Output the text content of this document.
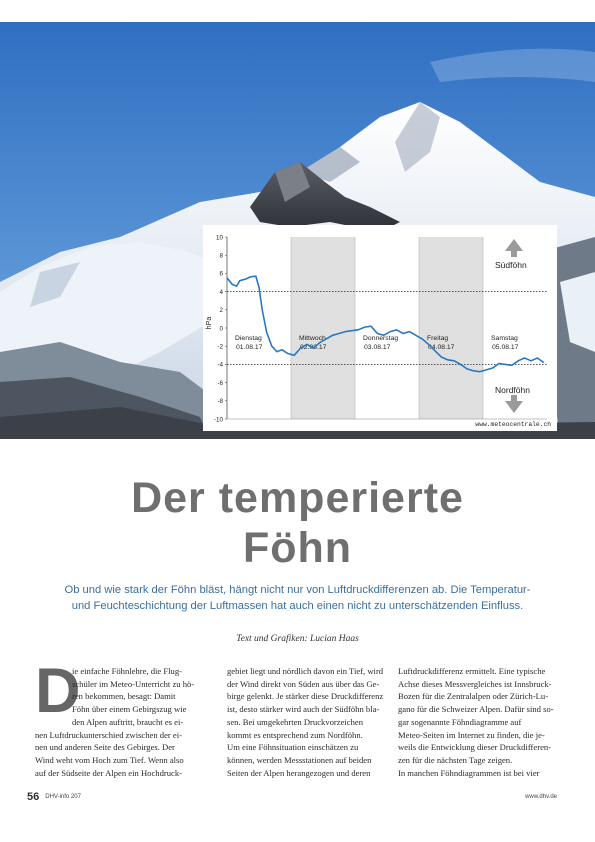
10
8
6
4
2
0
-2
-4
-6
-8
-10
hPa
Dienstag
01.08.17
Mittwoch
02.08.17
Donnerstag
03.08.17
Freitag
04.08.17
Samstag
05.08.17
Südföhn
Nordföhn
www.meteocentrale.ch
Der temperierte
Föhn
Ob und wie stark der Föhn bläst, hängt nicht nur von Luftdruckdifferenzen ab. Die Temperatur-
und Feuchteschichtung der Luftmassen hat auch einen nicht zu unterschätzenden Einfluss.
Text und Grafiken: Lucian Haas
D

ie einfache Föhnlehre, die Flug-

schüler im Meteo-Unterricht zu hö-

ren bekommen, besagt: Damit

Föhn über einem Gebirgszug wie

den Alpen auftritt, braucht es ei-

nen Luftdruckunterschied zwischen der ei-

nen und anderen Seite des Gebirges. Der

Wind weht vom Hoch zum Tief. Wenn also

auf der Südseite der Alpen ein Hochdruck-

gebiet liegt und nördlich davon ein Tief, wird

der Wind direkt von Süden aus über das Ge-

birge gelenkt. Je stärker diese Druckdifferenz

ist, desto stärker wird auch der Südföhn bla-

sen. Bei umgekehrten Druckvorzeichen

kommt es entsprechend zum Nordföhn.

Um eine Föhnsituation einschätzen zu

können, werden Messstationen auf beiden

Seiten der Alpen herangezogen und deren

Luftdruckdifferenz ermittelt. Eine typische

Achse dieses Messvergleiches ist Innsbruck-

Bozen für die Zentralalpen oder Zürich-Lu-

gano für die Schweizer Alpen. Dafür sind so-

gar sogenannte Föhndiagramme auf

Meteo-Seiten im Internet zu finden, die je-

weils die Entwicklung dieser Druckdifferen-

zen für die nächsten Tage zeigen.

In manchen Föhndiagrammen ist bei vier

56 DHV-info 207	www.dhv.de
